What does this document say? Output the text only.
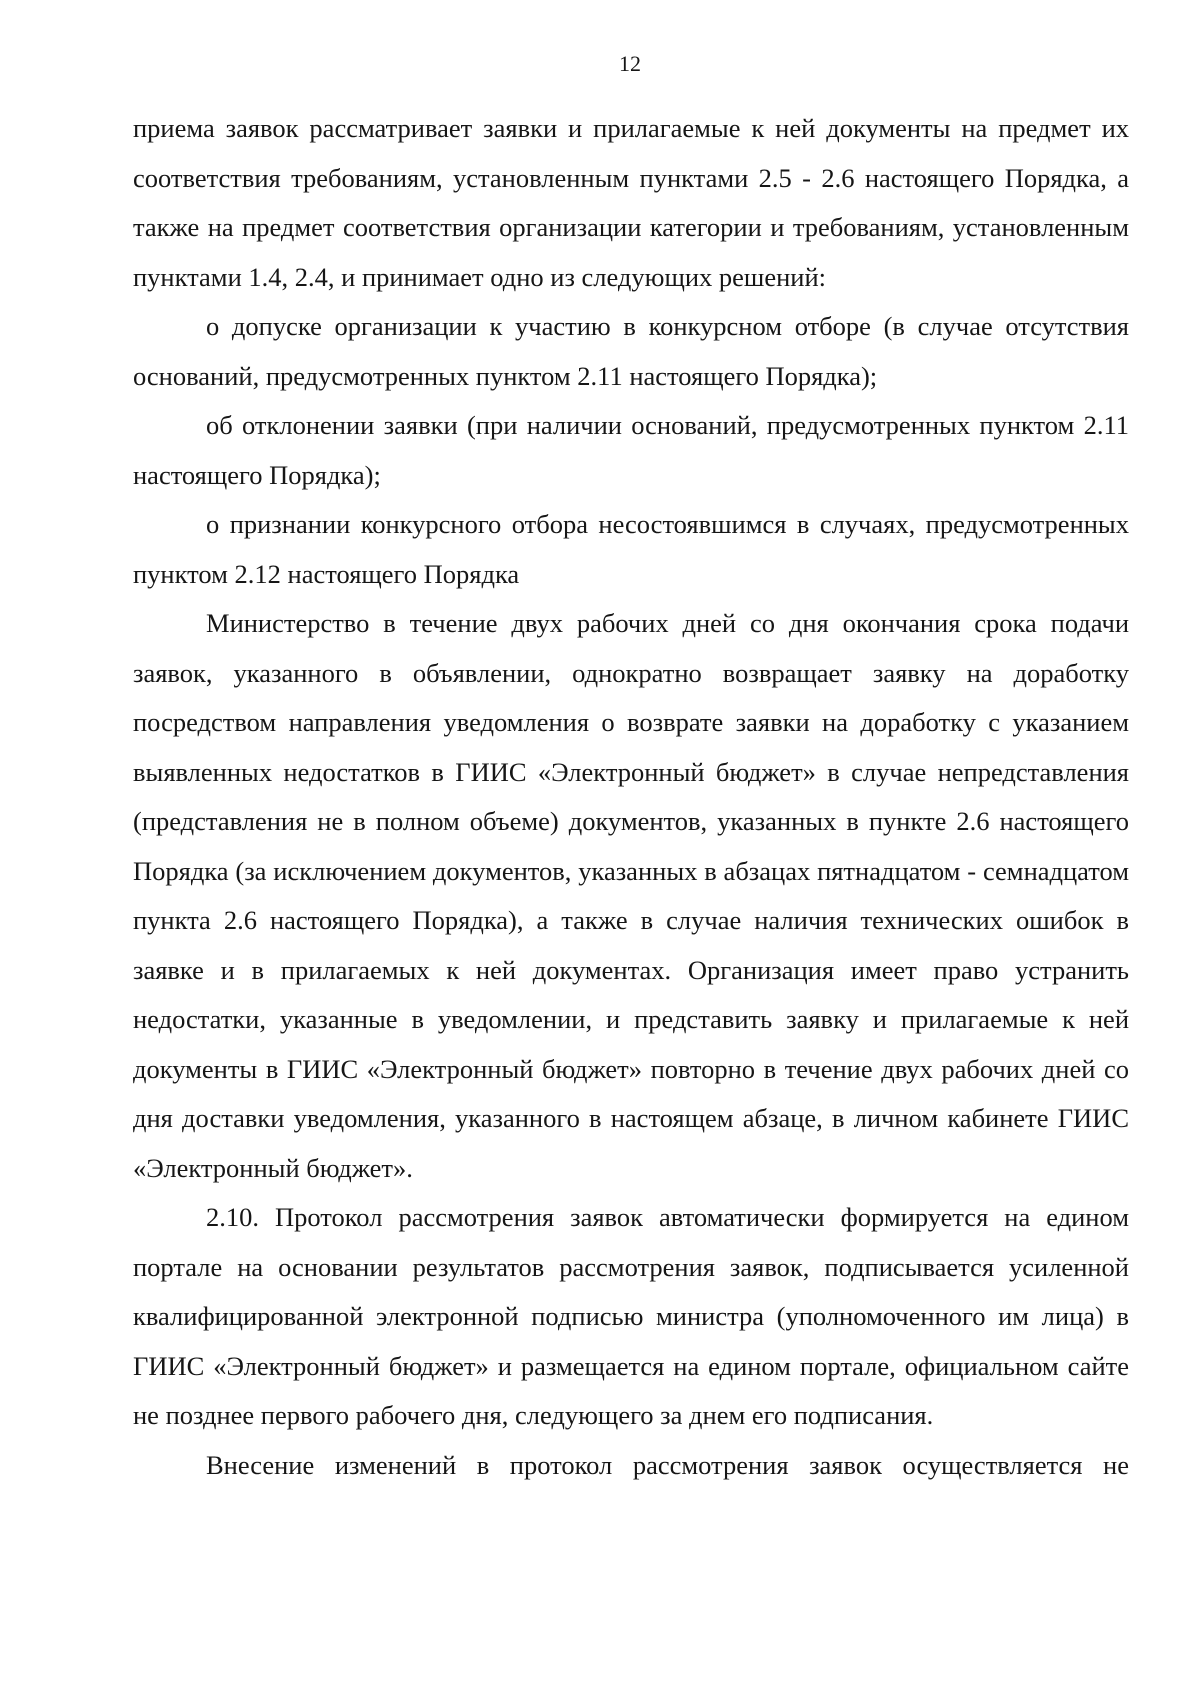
12

приема заявок рассматривает заявки и прилагаемые к ней документы на предмет их соответствия требованиям, установленным пунктами 2.5 - 2.6 настоящего Порядка, а также на предмет соответствия организации категории и требованиям, установленным пунктами 1.4, 2.4, и принимает одно из следующих решений:

о допуске организации к участию в конкурсном отборе (в случае отсутствия оснований, предусмотренных пунктом 2.11 настоящего Порядка);

об отклонении заявки (при наличии оснований, предусмотренных пунктом 2.11 настоящего Порядка);

о признании конкурсного отбора несостоявшимся в случаях, предусмотренных пунктом 2.12 настоящего Порядка

Министерство в течение двух рабочих дней со дня окончания срока подачи заявок, указанного в объявлении, однократно возвращает заявку на доработку посредством направления уведомления о возврате заявки на доработку с указанием выявленных недостатков в ГИИС «Электронный бюджет» в случае непредставления (представления не в полном объеме) документов, указанных в пункте 2.6 настоящего Порядка (за исключением документов, указанных в абзацах пятнадцатом - семнадцатом пункта 2.6 настоящего Порядка), а также в случае наличия технических ошибок в заявке и в прилагаемых к ней документах. Организация имеет право устранить недостатки, указанные в уведомлении, и представить заявку и прилагаемые к ней документы в ГИИС «Электронный бюджет» повторно в течение двух рабочих дней со дня доставки уведомления, указанного в настоящем абзаце, в личном кабинете ГИИС «Электронный бюджет».

2.10. Протокол рассмотрения заявок автоматически формируется на едином портале на основании результатов рассмотрения заявок, подписывается усиленной квалифицированной электронной подписью министра (уполномоченного им лица) в ГИИС «Электронный бюджет» и размещается на едином портале, официальном сайте не позднее первого рабочего дня, следующего за днем его подписания.

Внесение изменений в протокол рассмотрения заявок осуществляется не
